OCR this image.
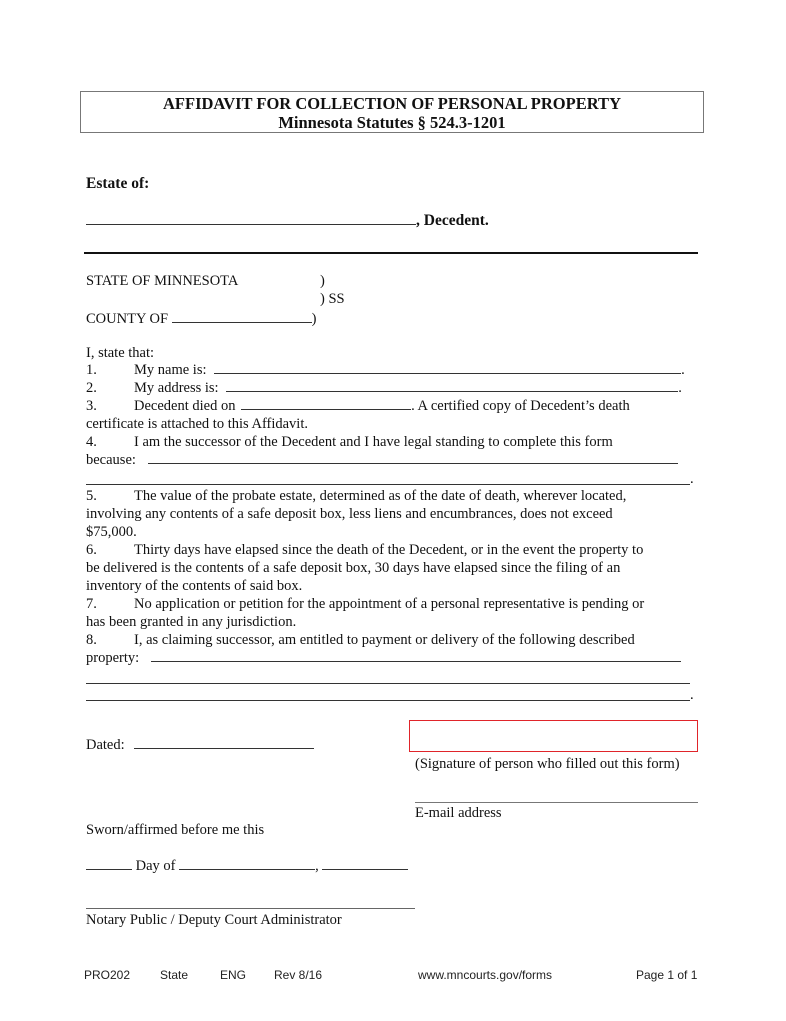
AFFIDAVIT FOR COLLECTION OF PERSONAL PROPERTY
Minnesota Statutes § 524.3-1201
Estate of:
, Decedent.
STATE OF MINNESOTA	)
) SS
COUNTY OF	)
I, state that:
1.	My name is:	.
2.	My address is:	.
3.	Decedent died on	. A certified copy of Decedent’s death
certificate is attached to this Affidavit.
4.	I am the successor of the Decedent and I have legal standing to complete this form
because:
.
5.	The value of the probate estate, determined as of the date of death, wherever located,
involving any contents of a safe deposit box, less liens and encumbrances, does not exceed
$75,000.
6.	Thirty days have elapsed since the death of the Decedent, or in the event the property to
be delivered is the contents of a safe deposit box, 30 days have elapsed since the filing of an
inventory of the contents of said box.
7.	No application or petition for the appointment of a personal representative is pending or
has been granted in any jurisdiction.
8.	I, as claiming successor, am entitled to payment or delivery of the following described
property:
.
Dated:
(Signature of person who filled out this form)
E-mail address
Sworn/affirmed before me this
Day of	,
Notary Public / Deputy Court Administrator
PRO202 State	ENG Rev 8/16	www.mncourts.gov/forms	Page 1 of 1
